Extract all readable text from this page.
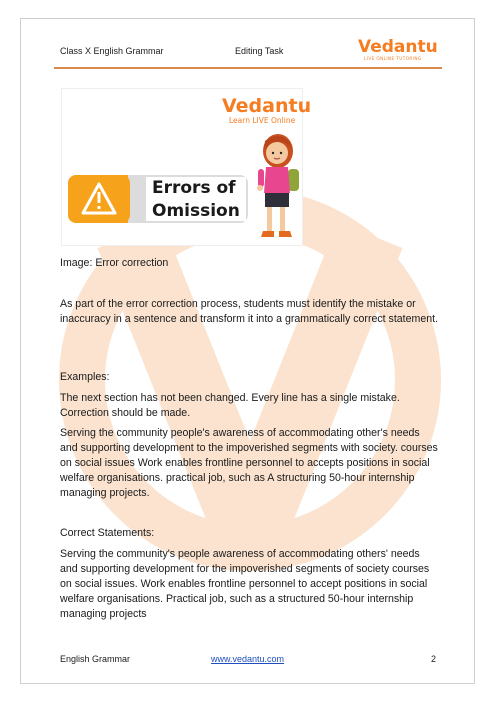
Class X English Grammar	Editing Task	Vedantu
LIVE ONLINE TUTORING
Vedantu
Learn LIVE Online
Errors of
Omission

Image: Error correction

As part of the error correction process, students must identify the mistake or inaccuracy in a sentence and transform it into a grammatically correct statement.

Examples:

The next section has not been changed. Every line has a single mistake. Correction should be made.

Serving the community people's awareness of accommodating other's needs and supporting development to the impoverished segments with society. courses on social issues Work enables frontline personnel to accepts positions in social welfare organisations. practical job, such as A structuring 50-hour internship managing projects.

Correct Statements:

Serving the community's people awareness of accommodating others' needs and supporting development for the impoverished segments of society courses on social issues. Work enables frontline personnel to accept positions in social welfare organisations. Practical job, such as a structured 50-hour internship managing projects

English Grammar	www.vedantu.com	2
